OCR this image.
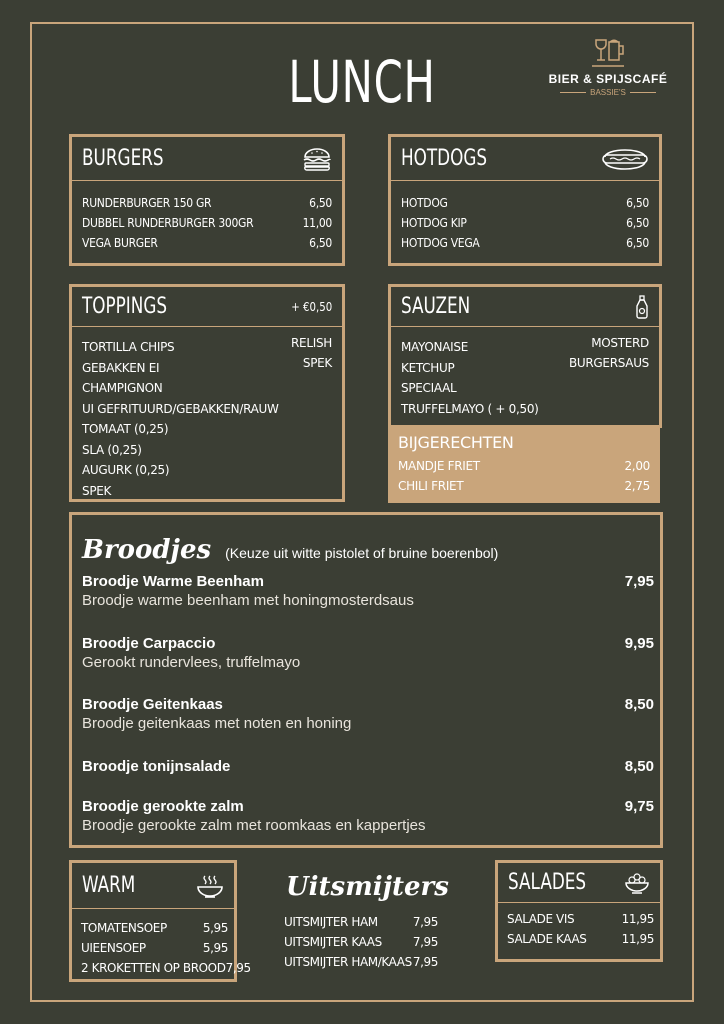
LUNCH	BIER & SPIJSCAFÉ
BASSIE'S
BURGERS
RUNDERBURGER 150 GR	6,50
DUBBEL RUNDERBURGER 300GR	11,00
VEGA BURGER	6,50
HOTDOGS
HOTDOG	6,50
HOTDOG KIP	6,50
HOTDOG VEGA	6,50
TOPPINGS	+ €0,50
TORTILLA CHIPS
GEBAKKEN EI
CHAMPIGNON
UI GEFRITUURD/GEBAKKEN/RAUW
TOMAAT (0,25)
SLA (0,25)
AUGURK (0,25)
SPEK
RELISH
SPEK
SAUZEN
MAYONAISE
KETCHUP
SPECIAAL
TRUFFELMAYO ( + 0,50)
MOSTERD
BURGERSAUS
BIJGERECHTEN
MANDJE FRIET	2,00
CHILI FRIET	2,75
Broodjes (Keuze uit witte pistolet of bruine boerenbol)
Broodje Warme Beenham	7,95
Broodje warme beenham met honingmosterdsaus
Broodje Carpaccio	9,95
Gerookt rundervlees, truffelmayo
Broodje Geitenkaas	8,50
Broodje geitenkaas met noten en honing
Broodje tonijnsalade	8,50
Broodje gerookte zalm	9,75
Broodje gerookte zalm met roomkaas en kappertjes
WARM
TOMATENSOEP	5,95
UIEENSOEP	5,95
2 KROKETTEN OP BROOD 7,95
Uitsmijters
UITSMIJTER HAM	7,95
UITSMIJTER KAAS	7,95
UITSMIJTER HAM/KAAS 7,95
SALADES
SALADE VIS	11,95
SALADE KAAS	11,95
